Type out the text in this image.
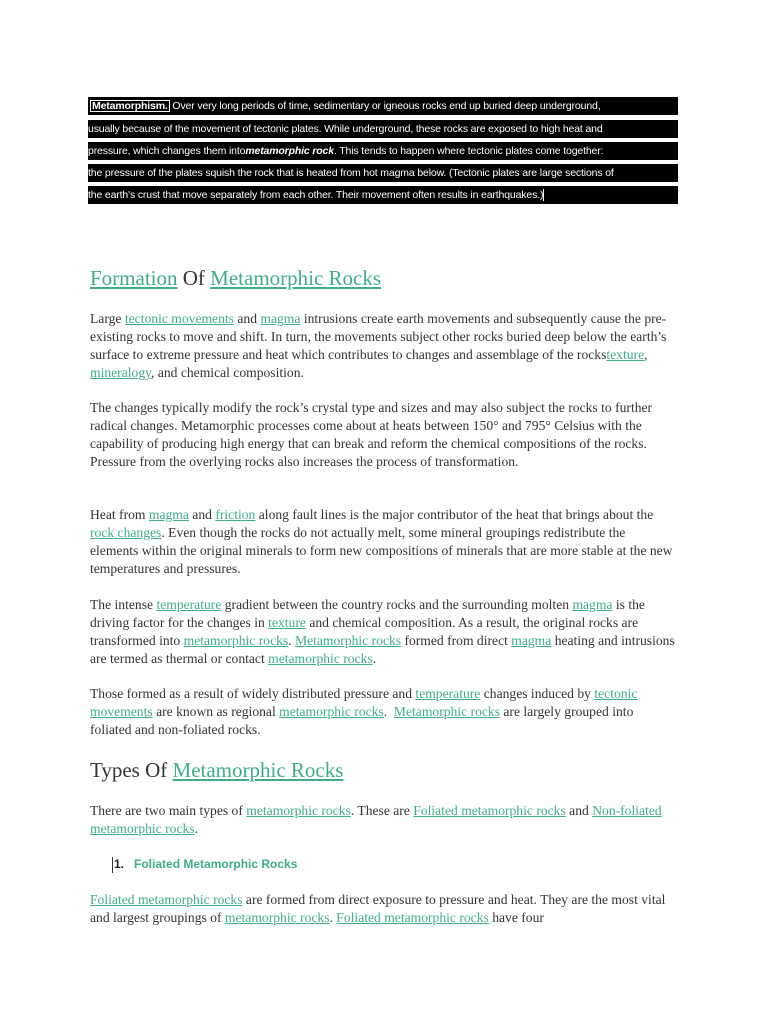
Metamorphism. Over very long periods of time, sedimentary or igneous rocks end up buried deep underground,
usually because of the movement of tectonic plates. While underground, these rocks are exposed to high heat and
pressure, which changes them intometamorphic rock. This tends to happen where tectonic plates come together:
the pressure of the plates squish the rock that is heated from hot magma below. (Tectonic plates are large sections of
the earth's crust that move separately from each other. Their movement often results in earthquakes.)
Formation Of Metamorphic Rocks

Large tectonic movements and magma intrusions create earth movements and subsequently cause the pre-existing rocks to move and shift. In turn, the movements subject other rocks buried deep below the earth’s surface to extreme pressure and heat which contributes to changes and assemblage of the rockstexture, mineralogy, and chemical composition.

The changes typically modify the rock’s crystal type and sizes and may also subject the rocks to further radical changes. Metamorphic processes come about at heats between 150° and 795° Celsius with the capability of producing high energy that can break and reform the chemical compositions of the rocks. Pressure from the overlying rocks also increases the process of transformation.

Heat from magma and friction along fault lines is the major contributor of the heat that brings about the rock changes. Even though the rocks do not actually melt, some mineral groupings redistribute the elements within the original minerals to form new compositions of minerals that are more stable at the new temperatures and pressures.

The intense temperature gradient between the country rocks and the surrounding molten magma is the driving factor for the changes in texture and chemical composition. As a result, the original rocks are transformed into metamorphic rocks. Metamorphic rocks formed from direct magma heating and intrusions are termed as thermal or contact metamorphic rocks.

Those formed as a result of widely distributed pressure and temperature changes induced by tectonic movements are known as regional metamorphic rocks.  Metamorphic rocks are largely grouped into foliated and non-foliated rocks.

Types Of Metamorphic Rocks

There are two main types of metamorphic rocks. These are Foliated metamorphic rocks and Non-foliated metamorphic rocks.

1. Foliated Metamorphic Rocks

Foliated metamorphic rocks are formed from direct exposure to pressure and heat. They are the most vital and largest groupings of metamorphic rocks. Foliated metamorphic rocks have four
